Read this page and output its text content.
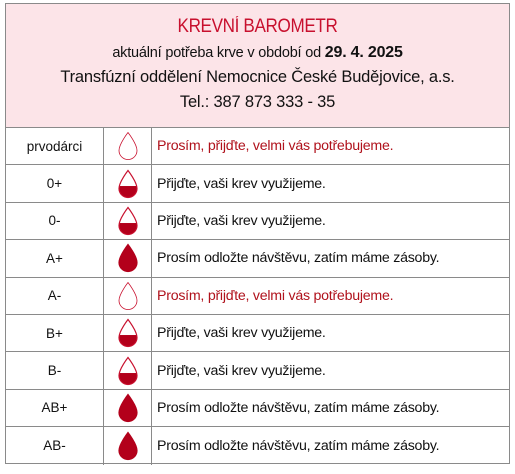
KREVNÍ BAROMETR
aktuální potřeba krve v období od 29. 4. 2025
Transfúzní oddělení Nemocnice České Budějovice, a.s.
Tel.: 387 873 333 - 35
prvodárci	Prosím, přijďte, velmi vás potřebujeme.
0+	Přijďte, vaši krev využijeme.
0-	Přijďte, vaši krev využijeme.
A+	Prosím odložte návštěvu, zatím máme zásoby.
A-	Prosím, přijďte, velmi vás potřebujeme.
B+	Přijďte, vaši krev využijeme.
B-	Přijďte, vaši krev využijeme.
AB+	Prosím odložte návštěvu, zatím máme zásoby.
AB-	Prosím odložte návštěvu, zatím máme zásoby.
